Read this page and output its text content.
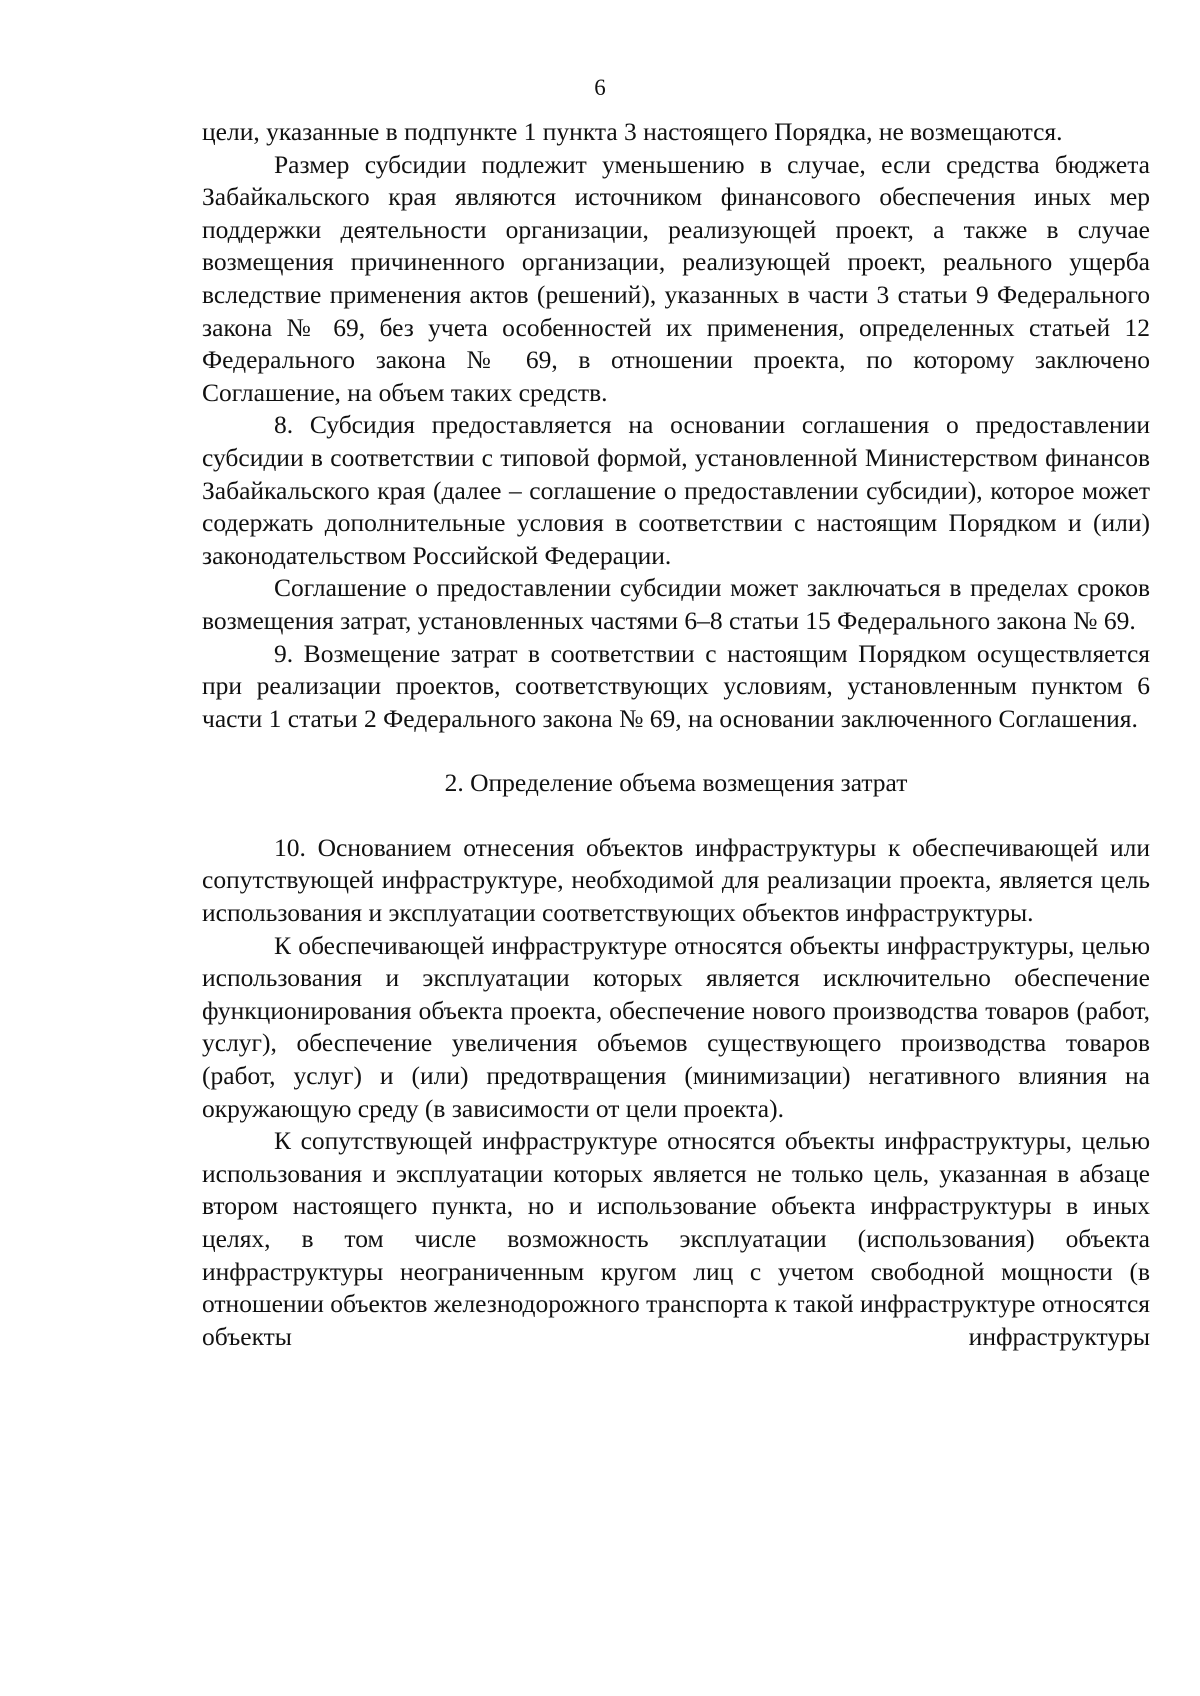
6

цели, указанные в подпункте 1 пункта 3 настоящего Порядка, не возмещаются.

Размер субсидии подлежит уменьшению в случае, если средства бюджета Забайкальского края являются источником финансового обеспечения иных мер поддержки деятельности организации, реализующей проект, а также в случае возмещения причиненного организации, реализующей проект, реального ущерба вследствие применения актов (решений), указанных в части 3 статьи 9 Федерального закона № 69, без учета особенностей их применения, определенных статьей 12 Федерального закона № 69, в отношении проекта, по которому заключено Соглашение, на объем таких средств.

8. Субсидия предоставляется на основании соглашения о предоставлении субсидии в соответствии с типовой формой, установленной Министерством финансов Забайкальского края (далее – соглашение о предоставлении субсидии), которое может содержать дополнительные условия в соответствии с настоящим Порядком и (или) законодательством Российской Федерации.

Соглашение о предоставлении субсидии может заключаться в пределах сроков возмещения затрат, установленных частями 6–8 статьи 15 Федерального закона № 69.

9. Возмещение затрат в соответствии с настоящим Порядком осуществляется при реализации проектов, соответствующих условиям, установленным пунктом 6 части 1 статьи 2 Федерального закона № 69, на основании заключенного Соглашения.

2. Определение объема возмещения затрат

10. Основанием отнесения объектов инфраструктуры к обеспечивающей или сопутствующей инфраструктуре, необходимой для реализации проекта, является цель использования и эксплуатации соответствующих объектов инфраструктуры.

К обеспечивающей инфраструктуре относятся объекты инфраструктуры, целью использования и эксплуатации которых является исключительно обеспечение функционирования объекта проекта, обеспечение нового производства товаров (работ, услуг), обеспечение увеличения объемов существующего производства товаров (работ, услуг) и (или) предотвращения (минимизации) негативного влияния на окружающую среду (в зависимости от цели проекта).

К сопутствующей инфраструктуре относятся объекты инфраструктуры, целью использования и эксплуатации которых является не только цель, указанная в абзаце втором настоящего пункта, но и использование объекта инфраструктуры в иных целях, в том числе возможность эксплуатации (использования) объекта инфраструктуры неограниченным кругом лиц с учетом свободной мощности (в отношении объектов железнодорожного транспорта к такой инфраструктуре относятся объекты инфраструктуры
